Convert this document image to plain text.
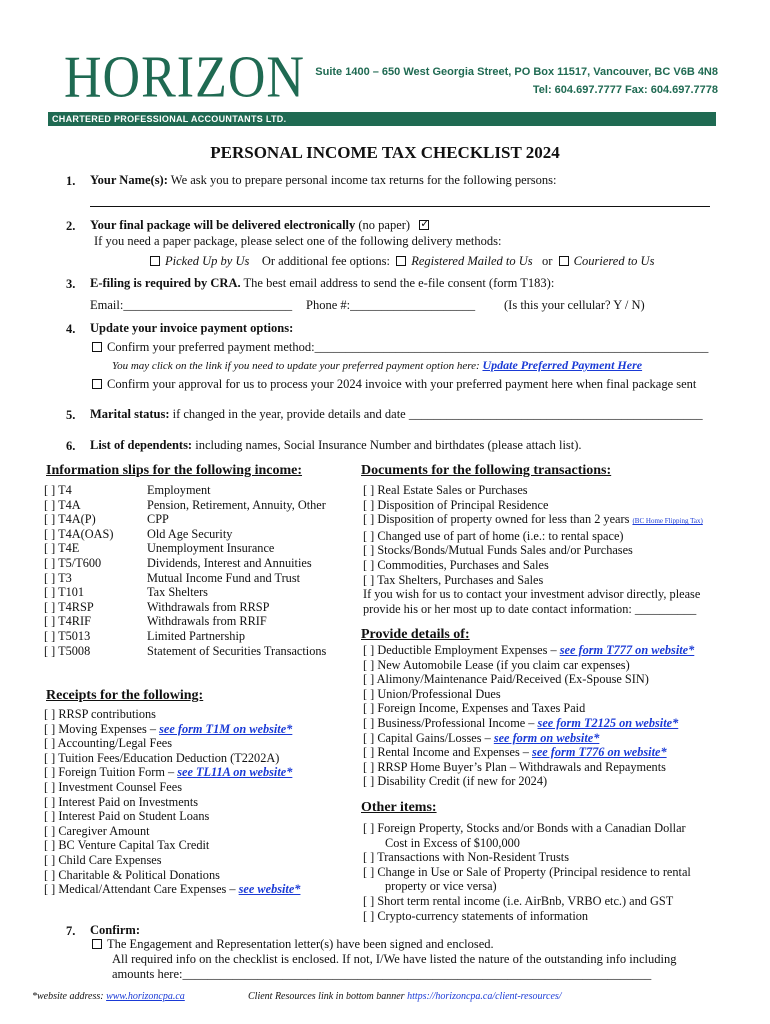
HORIZON
CHARTERED PROFESSIONAL ACCOUNTANTS LTD.
Suite 1400 – 650 West Georgia Street, PO Box 11517, Vancouver, BC V6B 4N8
Tel: 604.697.7777 Fax: 604.697.7778
PERSONAL INCOME TAX CHECKLIST 2024
1. Your Name(s): We ask you to prepare personal income tax returns for the following persons:
2. Your final package will be delivered electronically (no paper) ✓
If you need a paper package, please select one of the following delivery methods:
Picked Up by Us Or additional fee options: Registered Mailed to Us or Couriered to Us
3. E-filing is required by CRA. The best email address to send the e-file consent (form T183):
Email:___________________________ Phone #:____________________ (Is this your cellular? Y / N)
4. Update your invoice payment options:
Confirm your preferred payment method:_______________________________________________________________
You may click on the link if you need to update your preferred payment option here: Update Preferred Payment Here
Confirm your approval for us to process your 2024 invoice with your preferred payment here when final package sent
5. Marital status: if changed in the year, provide details and date _______________________________________________
6. List of dependents: including names, Social Insurance Number and birthdates (please attach list).
Information slips for the following income:
[ ] T4
[ ] T4A
[ ] T4A(P)
[ ] T4A(OAS)
[ ] T4E
[ ] T5/T600
[ ] T3
[ ] T101
[ ] T4RSP
[ ] T4RIF
[ ] T5013
[ ] T5008
Employment
Pension, Retirement, Annuity, Other
CPP
Old Age Security
Unemployment Insurance
Dividends, Interest and Annuities
Mutual Income Fund and Trust
Tax Shelters
Withdrawals from RRSP
Withdrawals from RRIF
Limited Partnership
Statement of Securities Transactions
Receipts for the following:
[ ] RRSP contributions
[ ] Moving Expenses – see form T1M on website*
[ ] Accounting/Legal Fees
[ ] Tuition Fees/Education Deduction (T2202A)
[ ] Foreign Tuition Form – see TL11A on website*
[ ] Investment Counsel Fees
[ ] Interest Paid on Investments
[ ] Interest Paid on Student Loans
[ ] Caregiver Amount
[ ] BC Venture Capital Tax Credit
[ ] Child Care Expenses
[ ] Charitable & Political Donations
[ ] Medical/Attendant Care Expenses – see website*
Documents for the following transactions:
[ ] Real Estate Sales or Purchases
[ ] Disposition of Principal Residence
[ ] Disposition of property owned for less than 2 years (BC Home Flipping Tax)
[ ] Changed use of part of home (i.e.: to rental space)
[ ] Stocks/Bonds/Mutual Funds Sales and/or Purchases
[ ] Commodities, Purchases and Sales
[ ] Tax Shelters, Purchases and Sales
If you wish for us to contact your investment advisor directly, please
provide his or her most up to date contact information: __________
Provide details of:
[ ] Deductible Employment Expenses – see form T777 on website*
[ ] New Automobile Lease (if you claim car expenses)
[ ] Alimony/Maintenance Paid/Received (Ex-Spouse SIN)
[ ] Union/Professional Dues
[ ] Foreign Income, Expenses and Taxes Paid
[ ] Business/Professional Income – see form T2125 on website*
[ ] Capital Gains/Losses – see form on website*
[ ] Rental Income and Expenses – see form T776 on website*
[ ] RRSP Home Buyer’s Plan – Withdrawals and Repayments
[ ] Disability Credit (if new for 2024)
Other items:
[ ] Foreign Property, Stocks and/or Bonds with a Canadian Dollar
Cost in Excess of $100,000
[ ] Transactions with Non-Resident Trusts
[ ] Change in Use or Sale of Property (Principal residence to rental
property or vice versa)
[ ] Short term rental income (i.e. AirBnb, VRBO etc.) and GST
[ ] Crypto-currency statements of information
7. Confirm:
The Engagement and Representation letter(s) have been signed and enclosed.
All required info on the checklist is enclosed. If not, I/We have listed the nature of the outstanding info including
amounts here:___________________________________________________________________________
*website address: www.horizoncpa.ca	Client Resources link in bottom banner https://horizoncpa.ca/client-resources/
